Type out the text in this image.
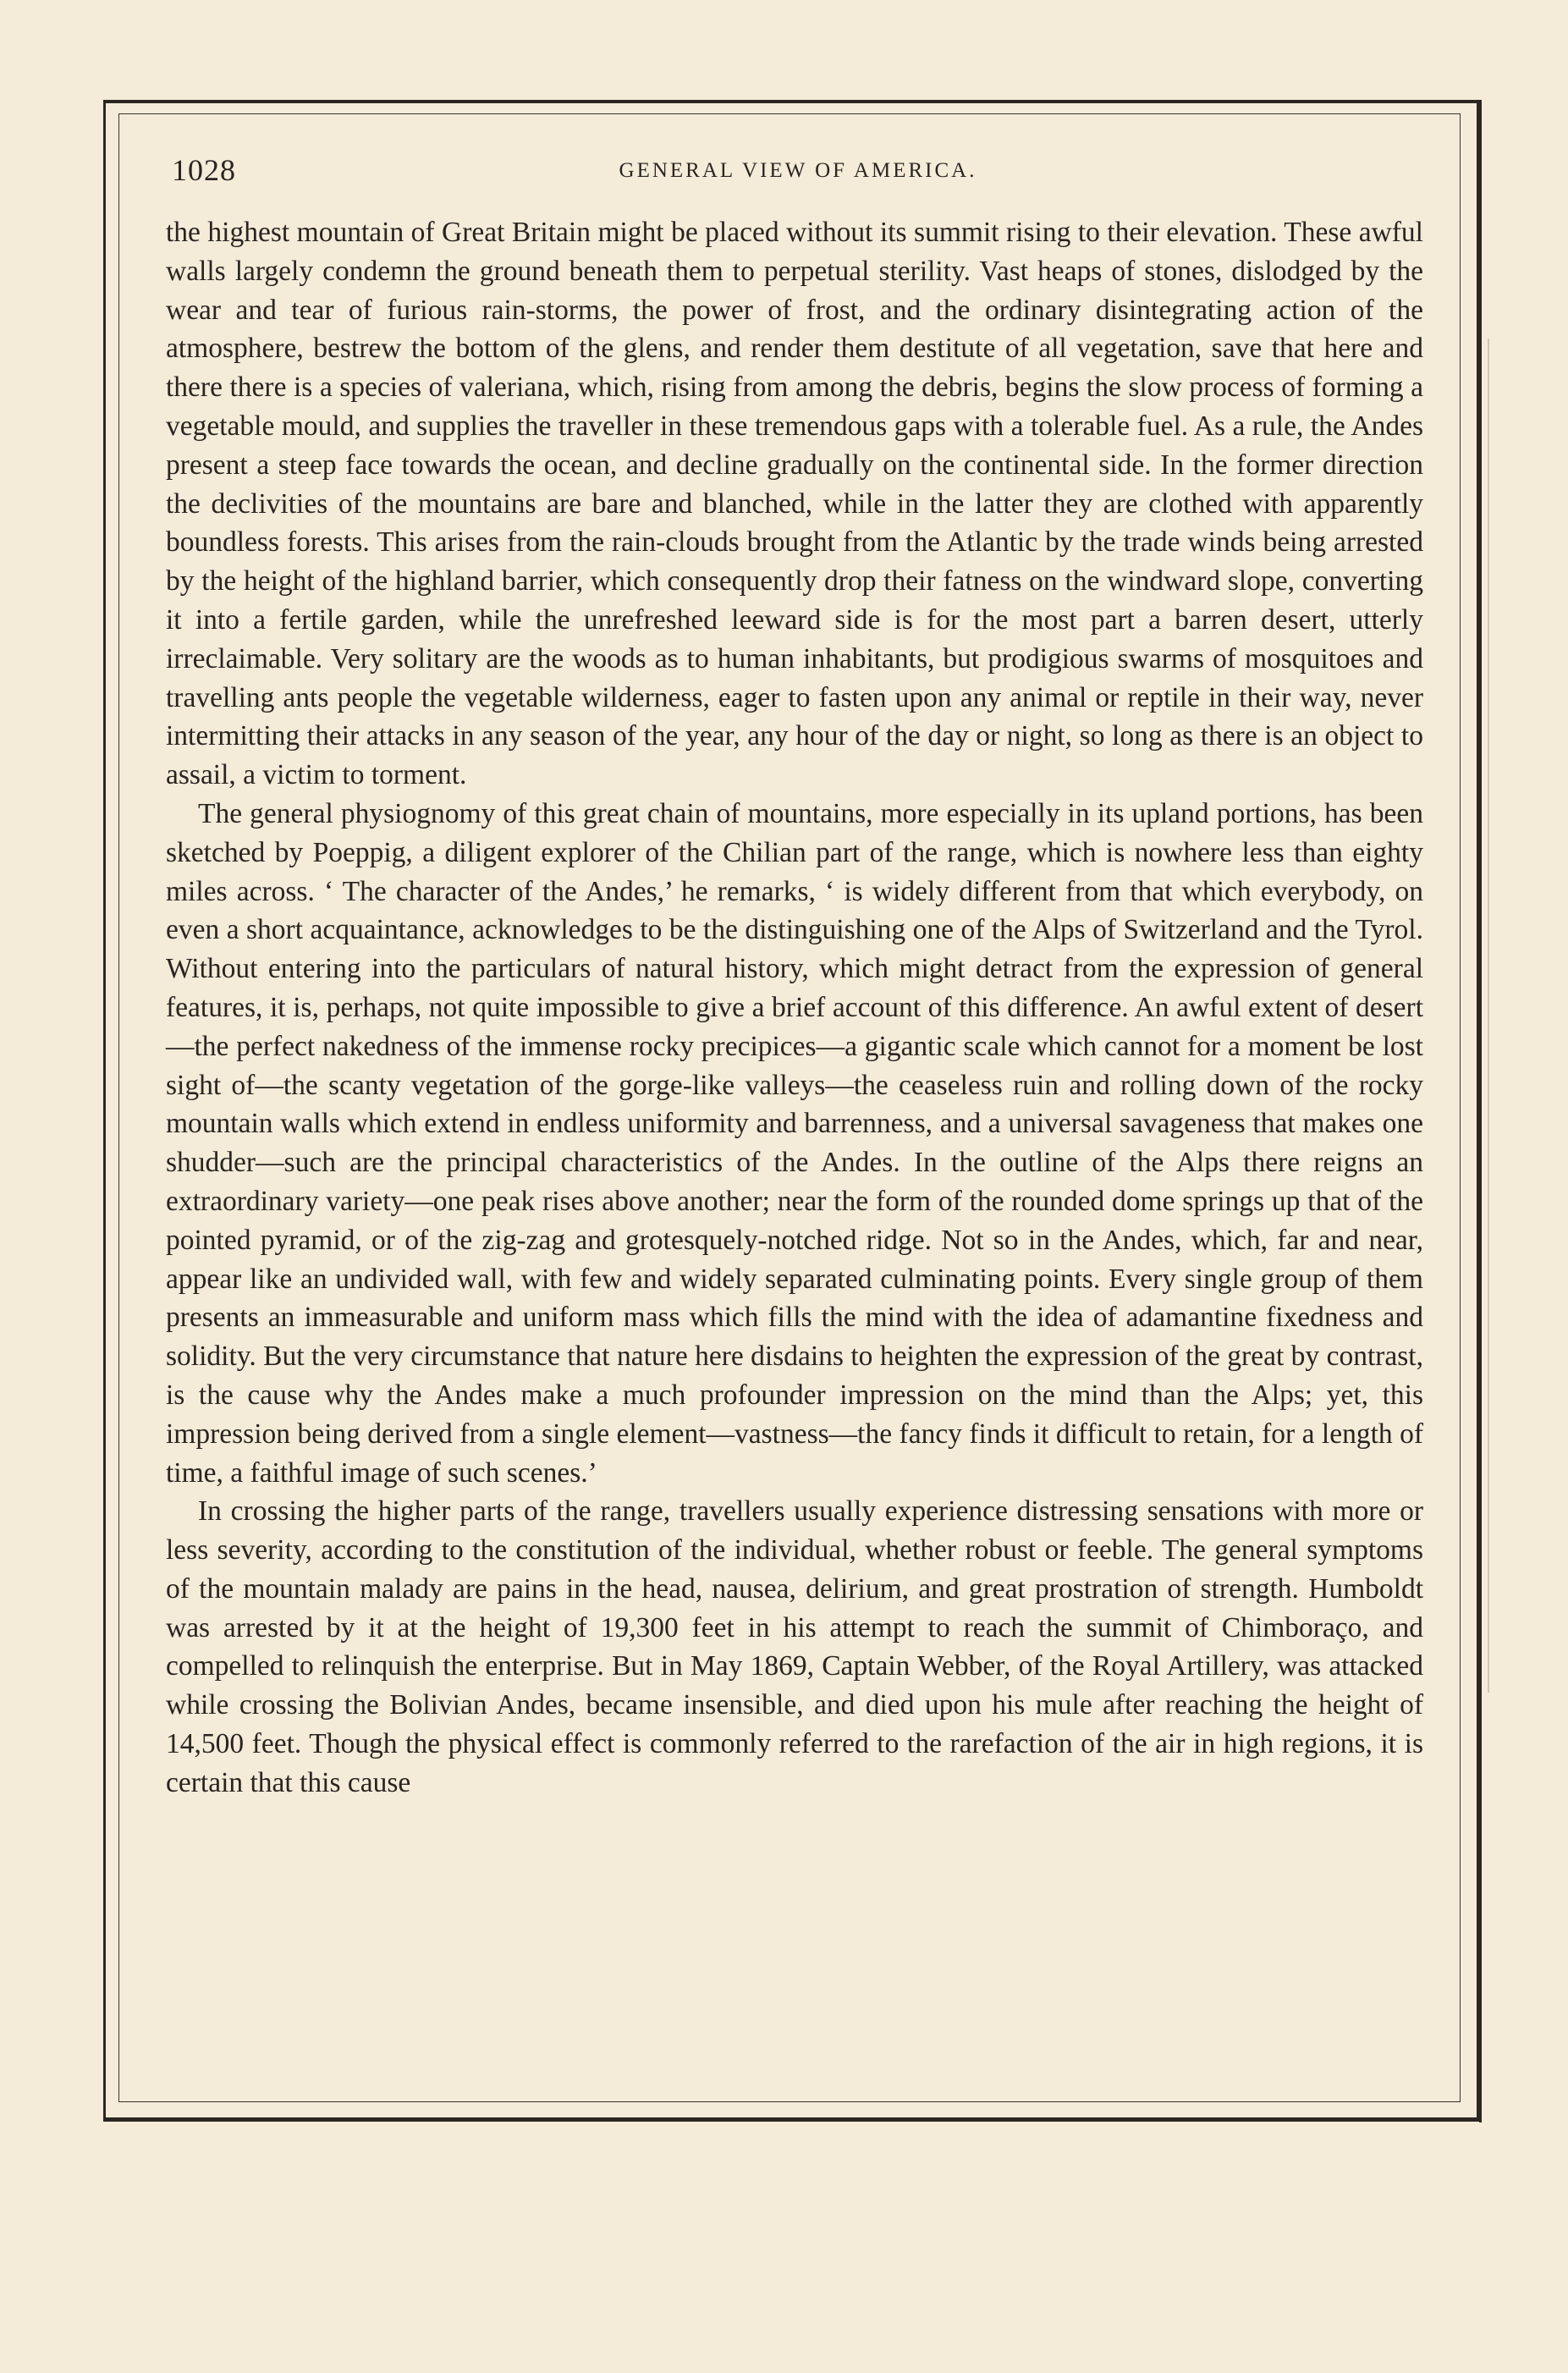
1028	GENERAL VIEW OF AMERICA.

the highest mountain of Great Britain might be placed without its summit rising to their elevation. These awful walls largely condemn the ground beneath them to perpetual sterility. Vast heaps of stones, dislodged by the wear and tear of furious rain-storms, the power of frost, and the ordinary disintegrating action of the atmosphere, bestrew the bottom of the glens, and render them destitute of all vegetation, save that here and there there is a species of valeriana, which, rising from among the debris, begins the slow process of forming a vegetable mould, and supplies the traveller in these tremendous gaps with a tolerable fuel. As a rule, the Andes present a steep face towards the ocean, and decline gradually on the continental side. In the former direction the declivities of the mountains are bare and blanched, while in the latter they are clothed with apparently boundless forests. This arises from the rain-clouds brought from the Atlantic by the trade winds being arrested by the height of the highland barrier, which consequently drop their fatness on the windward slope, converting it into a fertile garden, while the unrefreshed leeward side is for the most part a barren desert, utterly irreclaimable. Very solitary are the woods as to human inhabitants, but prodigious swarms of mosquitoes and travelling ants people the vegetable wilderness, eager to fasten upon any animal or reptile in their way, never intermitting their attacks in any season of the year, any hour of the day or night, so long as there is an object to assail, a victim to torment.

The general physiognomy of this great chain of mountains, more especially in its upland portions, has been sketched by Poeppig, a diligent explorer of the Chilian part of the range, which is nowhere less than eighty miles across. ‘ The character of the Andes,’ he remarks, ‘ is widely different from that which everybody, on even a short acquaintance, acknowledges to be the distinguishing one of the Alps of Switzerland and the Tyrol. Without entering into the particulars of natural history, which might detract from the expression of general features, it is, perhaps, not quite impossible to give a brief account of this difference. An awful extent of desert—the perfect nakedness of the immense rocky precipices—a gigantic scale which cannot for a moment be lost sight of—the scanty vegetation of the gorge-like valleys—the ceaseless ruin and rolling down of the rocky mountain walls which extend in endless uniformity and barrenness, and a universal savageness that makes one shudder—such are the principal characteristics of the Andes. In the outline of the Alps there reigns an extraordinary variety—one peak rises above another; near the form of the rounded dome springs up that of the pointed pyramid, or of the zig-zag and grotesquely-notched ridge. Not so in the Andes, which, far and near, appear like an undivided wall, with few and widely separated culminating points. Every single group of them presents an immeasurable and uniform mass which fills the mind with the idea of adamantine fixedness and solidity. But the very circumstance that nature here disdains to heighten the expression of the great by contrast, is the cause why the Andes make a much profounder impression on the mind than the Alps; yet, this impression being derived from a single element—vastness—the fancy finds it difficult to retain, for a length of time, a faithful image of such scenes.’

In crossing the higher parts of the range, travellers usually experience distressing sensations with more or less severity, according to the constitution of the individual, whether robust or feeble. The general symptoms of the mountain malady are pains in the head, nausea, delirium, and great prostration of strength. Humboldt was arrested by it at the height of 19,300 feet in his attempt to reach the summit of Chimboraço, and compelled to relinquish the enterprise. But in May 1869, Captain Webber, of the Royal Artillery, was attacked while crossing the Bolivian Andes, became insensible, and died upon his mule after reaching the height of 14,500 feet. Though the physical effect is commonly referred to the rarefaction of the air in high regions, it is certain that this cause
